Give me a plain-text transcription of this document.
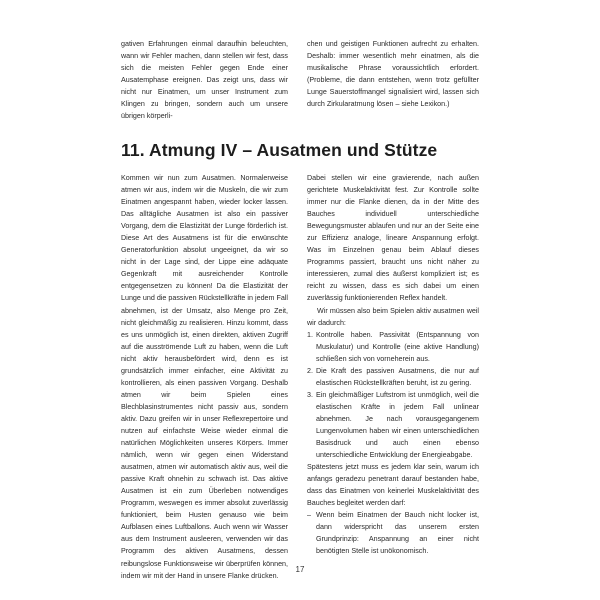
gativen Erfahrungen einmal daraufhin beleuchten, wann wir Fehler machen, dann stellen wir fest, dass sich die meisten Fehler gegen Ende einer Ausatemphase ereignen. Das zeigt uns, dass wir nicht nur Einatmen, um unser Instrument zum Klingen zu bringen, sondern auch um unsere übrigen körperli-

chen und geistigen Funktionen aufrecht zu erhalten. Deshalb: immer wesentlich mehr einatmen, als die musikalische Phrase voraussichtlich erfordert. (Probleme, die dann entstehen, wenn trotz gefüllter Lunge Sauerstoffmangel signalisiert wird, lassen sich durch Zirkularatmung lösen – siehe Lexikon.)

11. Atmung IV – Ausatmen und Stütze

Kommen wir nun zum Ausatmen. Normalerweise atmen wir aus, indem wir die Muskeln, die wir zum Einatmen angespannt haben, wieder locker lassen. Das alltägliche Ausatmen ist also ein passiver Vorgang, dem die Elastizität der Lunge förderlich ist. Diese Art des Ausatmens ist für die erwünschte Generatorfunktion absolut ungeeignet, da wir so nicht in der Lage sind, der Lippe eine adäquate Gegenkraft mit ausreichender Kontrolle entgegensetzen zu können! Da die Elastizität der Lunge und die passiven Rückstellkräfte in jedem Fall abnehmen, ist der Umsatz, also Menge pro Zeit, nicht gleichmäßig zu realisieren. Hinzu kommt, dass es uns unmöglich ist, einen direkten, aktiven Zugriff auf die ausströmende Luft zu haben, wenn die Luft nicht aktiv herausbefördert wird, denn es ist grundsätzlich immer einfacher, eine Aktivität zu kontrollieren, als einen passiven Vorgang. Deshalb atmen wir beim Spielen eines Blechblasinstrumentes nicht passiv aus, sondern aktiv. Dazu greifen wir in unser Reflexrepertoire und nutzen auf einfachste Weise wieder einmal die natürlichen Möglichkeiten unseres Körpers. Immer nämlich, wenn wir gegen einen Widerstand ausatmen, atmen wir automatisch aktiv aus, weil die passive Kraft ohnehin zu schwach ist. Das aktive Ausatmen ist ein zum Überleben notwendiges Programm, weswegen es immer absolut zuverlässig funktioniert, beim Husten genauso wie beim Aufblasen eines Luftballons. Auch wenn wir Wasser aus dem Instrument ausleeren, verwenden wir das Programm des aktiven Ausatmens, dessen reibungslose Funktionsweise wir überprüfen können, indem wir mit der Hand in unsere Flanke drücken.

Dabei stellen wir eine gravierende, nach außen gerichtete Muskelaktivität fest. Zur Kontrolle sollte immer nur die Flanke dienen, da in der Mitte des Bauches individuell unterschiedliche Bewegungsmuster ablaufen und nur an der Seite eine zur Effizienz analoge, lineare Anspannung erfolgt. Was im Einzelnen genau beim Ablauf dieses Programms passiert, braucht uns nicht näher zu interessieren, zumal dies äußerst kompliziert ist; es reicht zu wissen, dass es sich dabei um einen zuverlässig funktionierenden Reflex handelt.

Wir müssen also beim Spielen aktiv ausatmen weil wir dadurch:

1. Kontrolle haben. Passivität (Entspannung von Muskulatur) und Kontrolle (eine aktive Handlung) schließen sich von vorneherein aus.
2. Die Kraft des passiven Ausatmens, die nur auf elastischen Rückstellkräften beruht, ist zu gering.
3. Ein gleichmäßiger Luftstrom ist unmöglich, weil die elastischen Kräfte in jedem Fall unlinear abnehmen. Je nach vorausgegangenem Lungenvolumen haben wir einen unterschiedlichen Basisdruck und auch einen ebenso unterschiedliche Entwicklung der Energieabgabe.

Spätestens jetzt muss es jedem klar sein, warum ich anfangs geradezu penetrant darauf bestanden habe, dass das Einatmen von keinerlei Muskelaktivität des Bauches begleitet werden darf:

– Wenn beim Einatmen der Bauch nicht locker ist, dann widerspricht das unserem ersten Grundprinzip: Anspannung an einer nicht benötigten Stelle ist unökonomisch.
17
